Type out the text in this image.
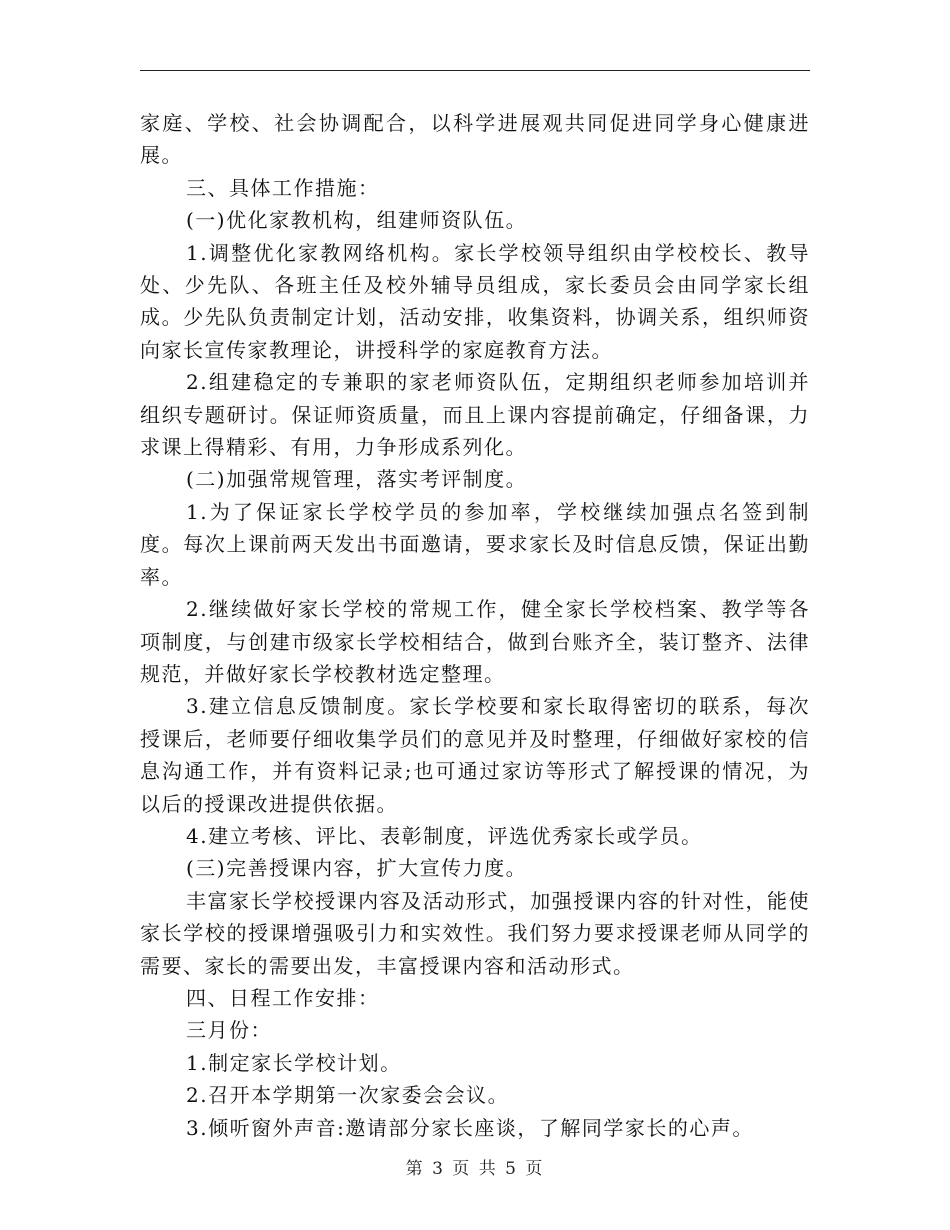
家庭、学校、社会协调配合，以科学进展观共同促进同学身心健康进展。

三、具体工作措施：

(一)优化家教机构，组建师资队伍。

1.调整优化家教网络机构。家长学校领导组织由学校校长、教导处、少先队、各班主任及校外辅导员组成，家长委员会由同学家长组成。少先队负责制定计划，活动安排，收集资料，协调关系，组织师资向家长宣传家教理论，讲授科学的家庭教育方法。

2.组建稳定的专兼职的家老师资队伍，定期组织老师参加培训并组织专题研讨。保证师资质量，而且上课内容提前确定，仔细备课，力求课上得精彩、有用，力争形成系列化。

(二)加强常规管理，落实考评制度。

1.为了保证家长学校学员的参加率，学校继续加强点名签到制度。每次上课前两天发出书面邀请，要求家长及时信息反馈，保证出勤率。

2.继续做好家长学校的常规工作，健全家长学校档案、教学等各项制度，与创建市级家长学校相结合，做到台账齐全，装订整齐、法律规范，并做好家长学校教材选定整理。

3.建立信息反馈制度。家长学校要和家长取得密切的联系，每次授课后，老师要仔细收集学员们的意见并及时整理，仔细做好家校的信息沟通工作，并有资料记录;也可通过家访等形式了解授课的情况，为以后的授课改进提供依据。

4.建立考核、评比、表彰制度，评选优秀家长或学员。

(三)完善授课内容，扩大宣传力度。

丰富家长学校授课内容及活动形式，加强授课内容的针对性，能使家长学校的授课增强吸引力和实效性。我们努力要求授课老师从同学的需要、家长的需要出发，丰富授课内容和活动形式。

四、日程工作安排：

三月份：

1.制定家长学校计划。

2.召开本学期第一次家委会会议。

3.倾听窗外声音:邀请部分家长座谈，了解同学家长的心声。

第 3 页 共 5 页
